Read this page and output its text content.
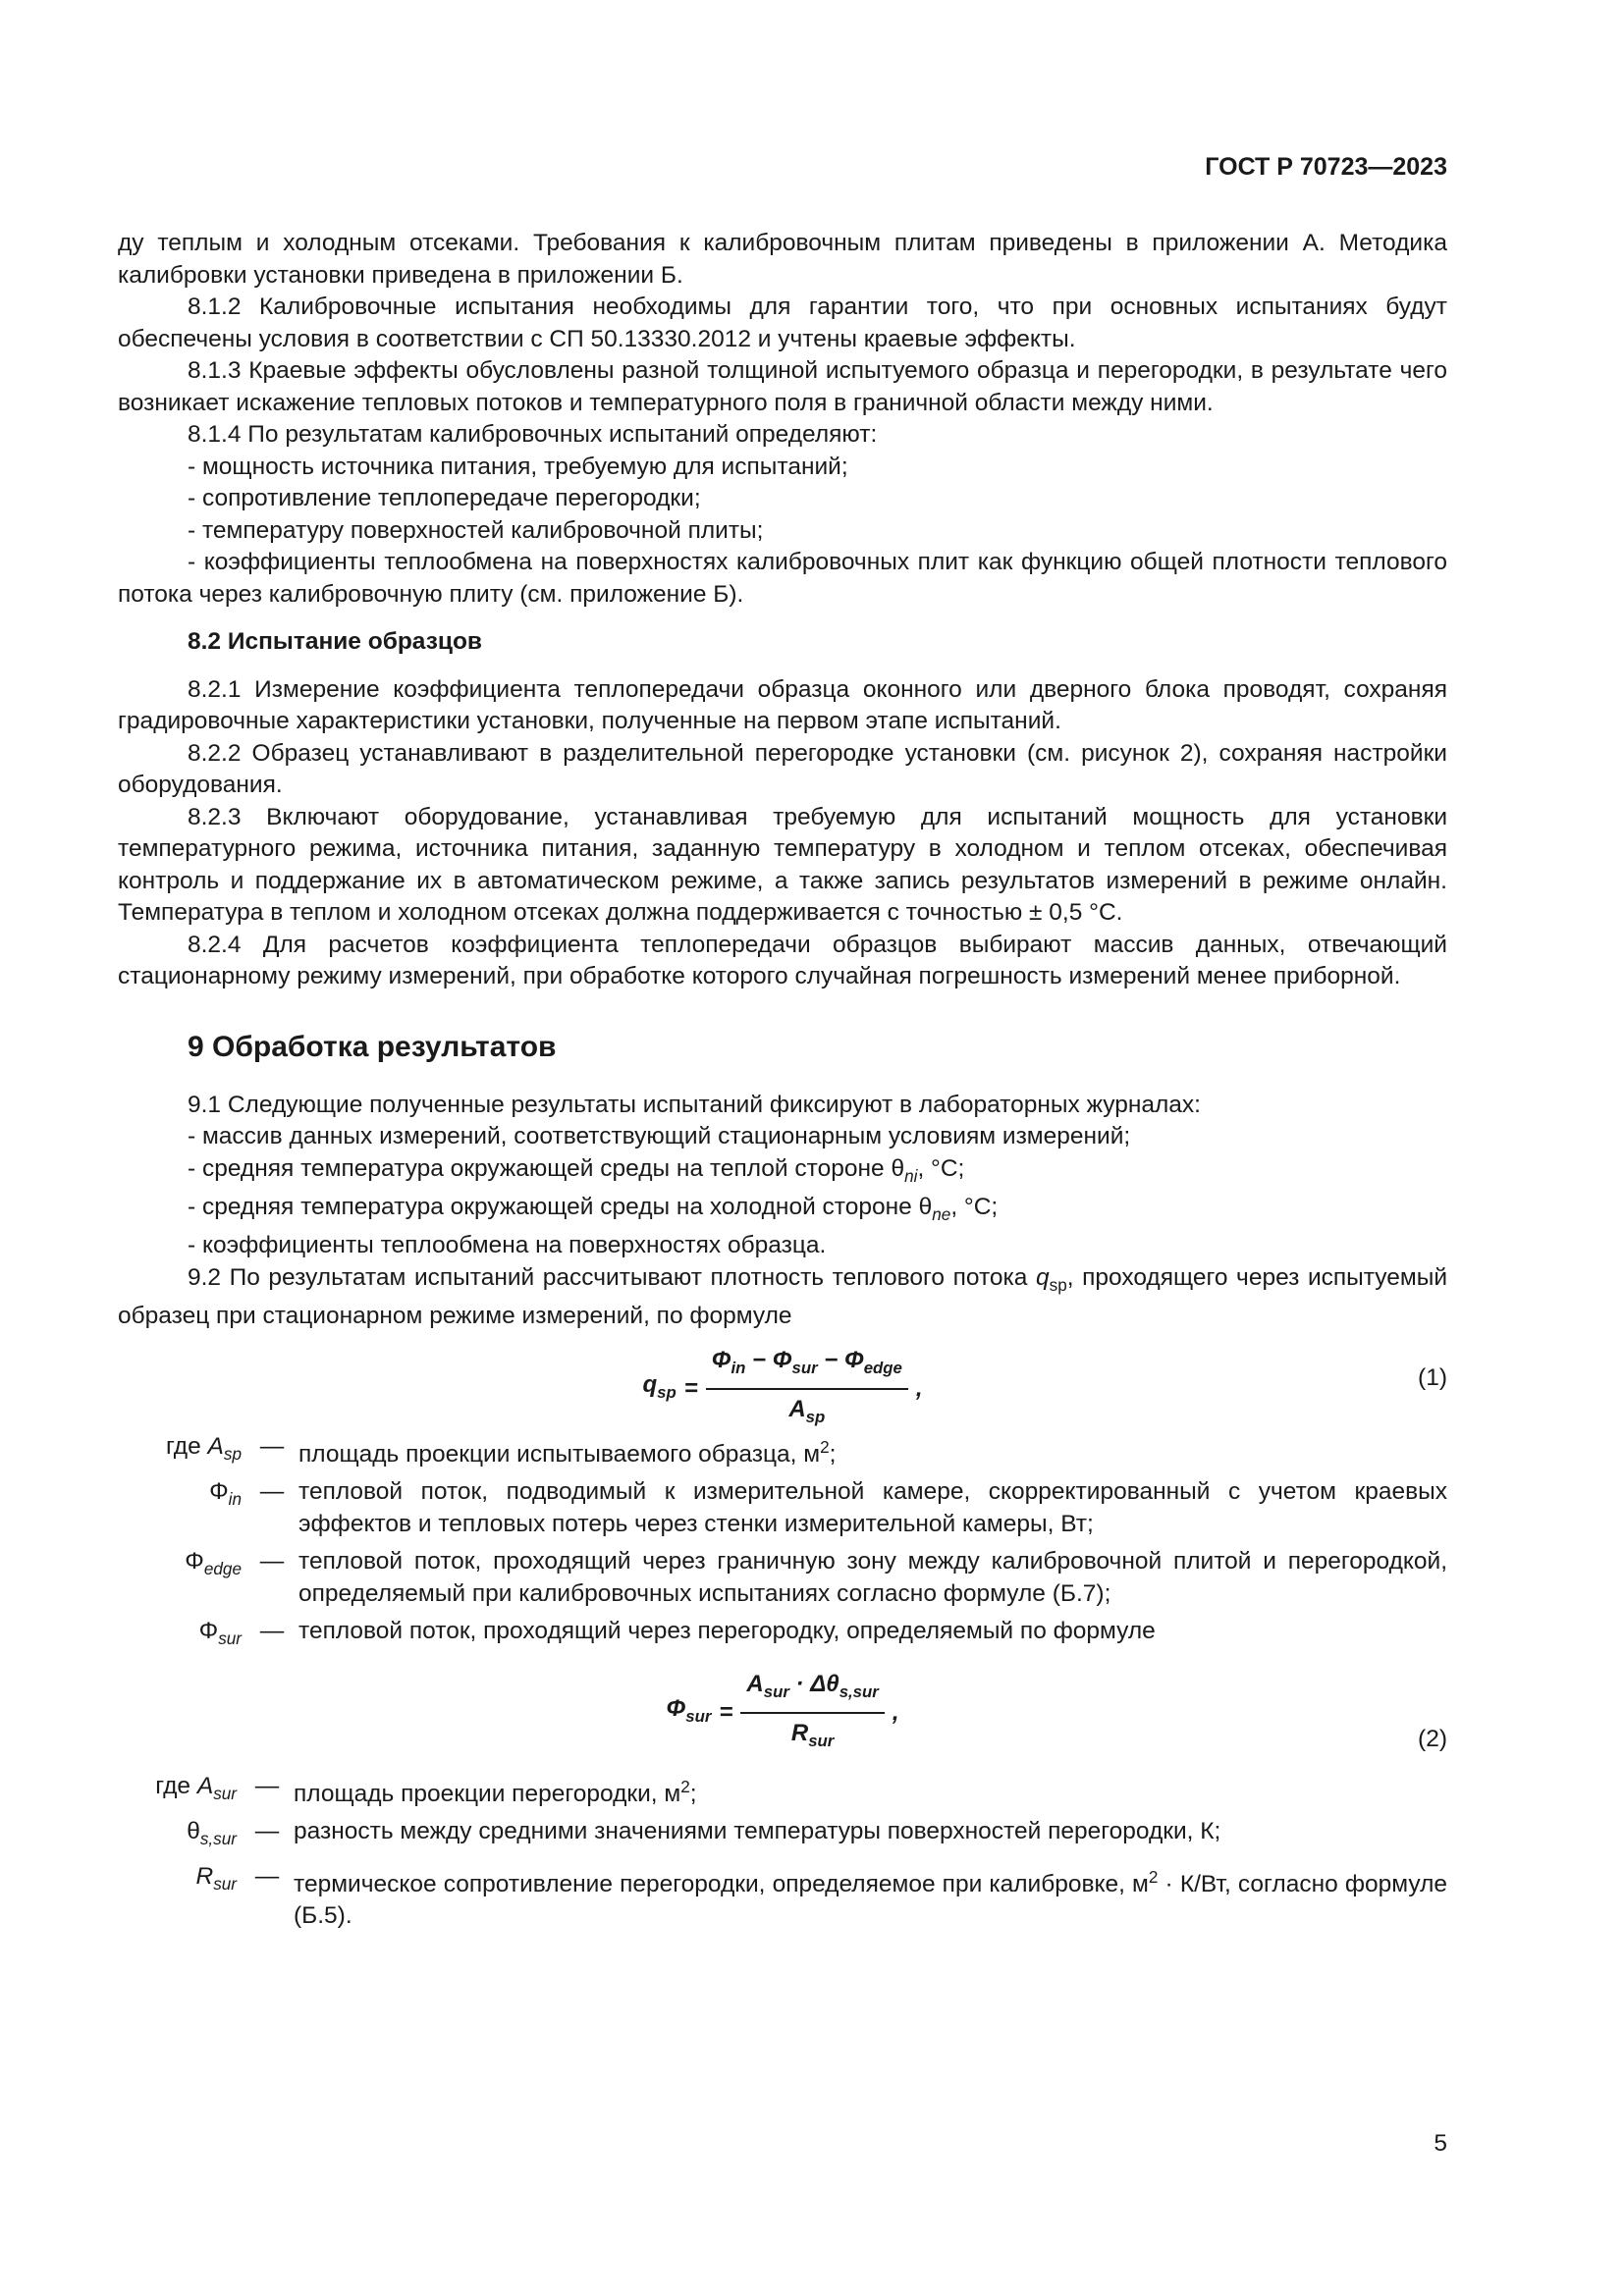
ГОСТ Р 70723—2023

ду теплым и холодным отсеками. Требования к калибровочным плитам приведены в приложении А. Методика калибровки установки приведена в приложении Б.

8.1.2 Калибровочные испытания необходимы для гарантии того, что при основных испытаниях будут обеспечены условия в соответствии с СП 50.13330.2012 и учтены краевые эффекты.

8.1.3 Краевые эффекты обусловлены разной толщиной испытуемого образца и перегородки, в результате чего возникает искажение тепловых потоков и температурного поля в граничной области между ними.

8.1.4 По результатам калибровочных испытаний определяют:

- мощность источника питания, требуемую для испытаний;

- сопротивление теплопередаче перегородки;

- температуру поверхностей калибровочной плиты;

- коэффициенты теплообмена на поверхностях калибровочных плит как функцию общей плотности теплового потока через калибровочную плиту (см. приложение Б).

8.2 Испытание образцов

8.2.1 Измерение коэффициента теплопередачи образца оконного или дверного блока проводят, сохраняя градировочные характеристики установки, полученные на первом этапе испытаний.

8.2.2 Образец устанавливают в разделительной перегородке установки (см. рисунок 2), сохраняя настройки оборудования.

8.2.3 Включают оборудование, устанавливая требуемую для испытаний мощность для установки температурного режима, источника питания, заданную температуру в холодном и теплом отсеках, обеспечивая контроль и поддержание их в автоматическом режиме, а также запись результатов измерений в режиме онлайн. Температура в теплом и холодном отсеках должна поддерживается с точностью ± 0,5 °С.

8.2.4 Для расчетов коэффициента теплопередачи образцов выбирают массив данных, отвечающий стационарному режиму измерений, при обработке которого случайная погрешность измерений менее приборной.

9 Обработка результатов

9.1 Следующие полученные результаты испытаний фиксируют в лабораторных журналах:

- массив данных измерений, соответствующий стационарным условиям измерений;

- средняя температура окружающей среды на теплой стороне $\theta_{ni}$, °С;

- средняя температура окружающей среды на холодной стороне $\theta_{ne}$, °С;

- коэффициенты теплообмена на поверхностях образца.

9.2 По результатам испытаний рассчитывают плотность теплового потока $q_{sp}$, проходящего через испытуемый образец при стационарном режиме измерений, по формуле

$q_{sp} = \frac{\Phi_{in} - \Phi_{sur} - \Phi_{edge}}{A_{sp}}$ ,	(1)
где $A_{sp}$ — площадь проекции испытываемого образца, $м^2$;
$\Phi_{in}$ — тепловой поток, подводимый к измерительной камере, скорректированный с учетом краевых эффектов и тепловых потерь через стенки измерительной камеры, Вт;
$\Phi_{edge}$ — тепловой поток, проходящий через граничную зону между калибровочной плитой и перегородкой, определяемый при калибровочных испытаниях согласно формуле (Б.7);
$\Phi_{sur}$ — тепловой поток, проходящий через перегородку, определяемый по формуле
$\Phi_{sur} = \frac{A_{sur} \cdot \Delta\theta_{s,sur}}{R_{sur}}$ ,
(2)
где $A_{sur}$ — площадь проекции перегородки, $м^2$;
$\theta_{s,sur}$ — разность между средними значениями температуры поверхностей перегородки, К;
$R_{sur}$ — термическое сопротивление перегородки, определяемое при калибровке, $м^2 \cdot К/Вт$, согласно формуле (Б.5).
5
